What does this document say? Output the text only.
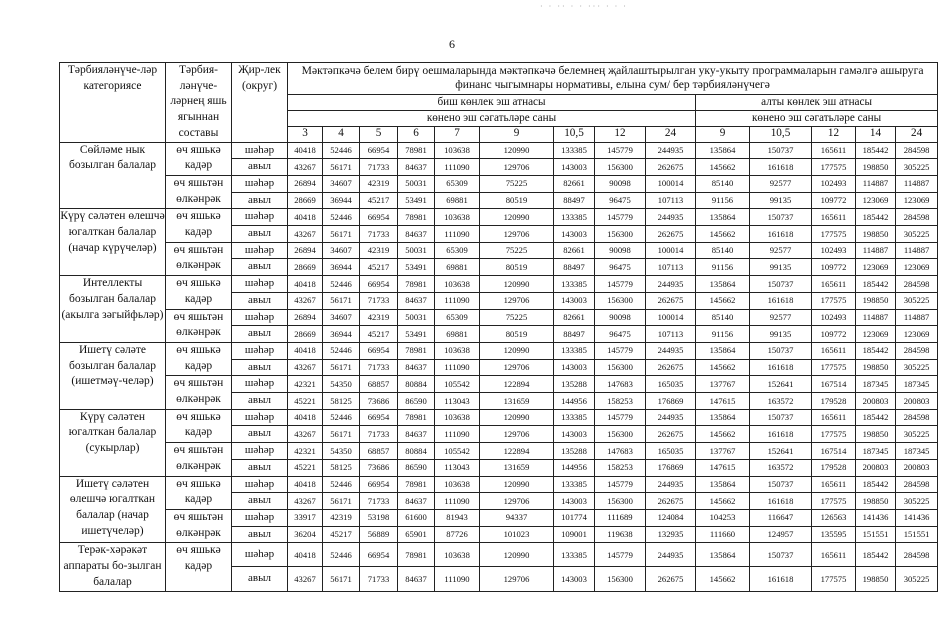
· · ·· · · ··· · · ·
6
Тәрбияләнүче-ләр категориясе	Тәрбия-ләнүче-ләрнең яшь ягыннан составы	Җир-лек (округ)	Мәктәпкәчә белем бирү оешмаларында мәктәпкәчә белемнең җайлаштырылган уку-укыту программаларын гамәлгә ашыруга финанс чыгымнары нормативы, елына сум/ бер тәрбияләнүчегә													
			биш көнлек эш атнасы									алты көнлек эш атнасы				
			көнено эш сәгатьләре саны									көнено эш сәгатьләре саны				
			3	4	5	6	7	9	10,5	12	24	9	10,5	12	14	24
Сөйләме нык бозылган балалар	өч яшькә кадәр	шәһәр	40418	52446	66954	78981	103638	120990	133385	145779	244935	135864	150737	165611	185442	284598
		авыл	43267	56171	71733	84637	111090	129706	143003	156300	262675	145662	161618	177575	198850	305225
	өч яшьтән өлкәнрәк	шәһәр	26894	34607	42319	50031	65309	75225	82661	90098	100014	85140	92577	102493	114887	114887
		авыл	28669	36944	45217	53491	69881	80519	88497	96475	107113	91156	99135	109772	123069	123069
Күрү сәләтен өлешчә югалткан балалар (начар күрүчеләр)	өч яшькә кадәр	шәһәр	40418	52446	66954	78981	103638	120990	133385	145779	244935	135864	150737	165611	185442	284598
		авыл	43267	56171	71733	84637	111090	129706	143003	156300	262675	145662	161618	177575	198850	305225
	өч яшьтән өлкәнрәк	шәһәр	26894	34607	42319	50031	65309	75225	82661	90098	100014	85140	92577	102493	114887	114887
		авыл	28669	36944	45217	53491	69881	80519	88497	96475	107113	91156	99135	109772	123069	123069
Интеллекты бозылган балалар (акылга зәгыйфьләр)	өч яшькә кадәр	шәһәр	40418	52446	66954	78981	103638	120990	133385	145779	244935	135864	150737	165611	185442	284598
		авыл	43267	56171	71733	84637	111090	129706	143003	156300	262675	145662	161618	177575	198850	305225
	өч яшьтән өлкәнрәк	шәһәр	26894	34607	42319	50031	65309	75225	82661	90098	100014	85140	92577	102493	114887	114887
		авыл	28669	36944	45217	53491	69881	80519	88497	96475	107113	91156	99135	109772	123069	123069
Ишетү сәләте бозылган балалар (ишетмәү-челәр)	өч яшькә кадәр	шәһәр	40418	52446	66954	78981	103638	120990	133385	145779	244935	135864	150737	165611	185442	284598
		авыл	43267	56171	71733	84637	111090	129706	143003	156300	262675	145662	161618	177575	198850	305225
	өч яшьтән өлкәнрәк	шәһәр	42321	54350	68857	80884	105542	122894	135288	147683	165035	137767	152641	167514	187345	187345
		авыл	45221	58125	73686	86590	113043	131659	144956	158253	176869	147615	163572	179528	200803	200803
Күрү сәләтен югалткан балалар (сукырлар)	өч яшькә кадәр	шәһәр	40418	52446	66954	78981	103638	120990	133385	145779	244935	135864	150737	165611	185442	284598
		авыл	43267	56171	71733	84637	111090	129706	143003	156300	262675	145662	161618	177575	198850	305225
	өч яшьтән өлкәнрәк	шәһәр	42321	54350	68857	80884	105542	122894	135288	147683	165035	137767	152641	167514	187345	187345
		авыл	45221	58125	73686	86590	113043	131659	144956	158253	176869	147615	163572	179528	200803	200803
Ишетү сәләтен өлешчә югалткан балалар (начар ишетүчеләр)	өч яшькә кадәр	шәһәр	40418	52446	66954	78981	103638	120990	133385	145779	244935	135864	150737	165611	185442	284598
		авыл	43267	56171	71733	84637	111090	129706	143003	156300	262675	145662	161618	177575	198850	305225
	өч яшьтән өлкәнрәк	шәһәр	33917	42319	53198	61600	81943	94337	101774	111689	124084	104253	116647	126563	141436	141436
		авыл	36204	45217	56889	65901	87726	101023	109001	119638	132935	111660	124957	135595	151551	151551
Терәк-хәрәкәт аппараты бо-зылган балалар	өч яшькә кадәр	шәһәр	40418	52446	66954	78981	103638	120990	133385	145779	244935	135864	150737	165611	185442	284598
		авыл	43267	56171	71733	84637	111090	129706	143003	156300	262675	145662	161618	177575	198850	305225
